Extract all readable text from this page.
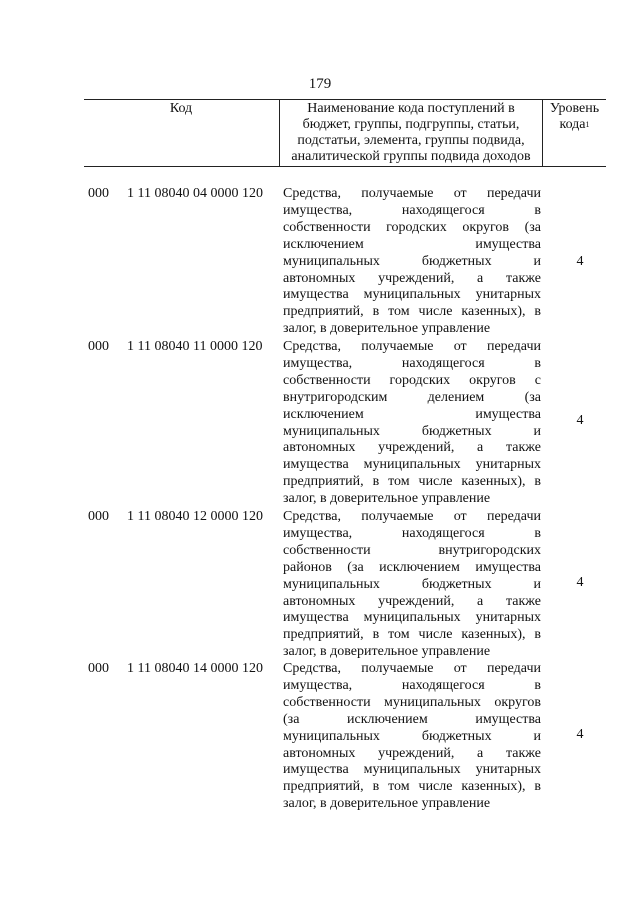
179
Код	Наименование кода поступлений в
бюджет, группы, подгруппы, статьи,
подстатьи, элемента, группы подвида,
аналитической группы подвида доходов
Уровень
кода$^1$
000	1 11 08040 04 0000 120	Средства, получаемые от передачи
имущества, находящегося в
собственности городских округов (за
исключением имущества
муниципальных бюджетных и
автономных учреждений, а также
имущества муниципальных унитарных
предприятий, в том числе казенных), в
залог, в доверительное управление
4
000	1 11 08040 11 0000 120	Средства, получаемые от передачи
имущества, находящегося в
собственности городских округов с
внутригородским делением (за
исключением имущества
муниципальных бюджетных и
автономных учреждений, а также
имущества муниципальных унитарных
предприятий, в том числе казенных), в
залог, в доверительное управление
4
000	1 11 08040 12 0000 120	Средства, получаемые от передачи
имущества, находящегося в
собственности внутригородских
районов (за исключением имущества
муниципальных бюджетных и
автономных учреждений, а также
имущества муниципальных унитарных
предприятий, в том числе казенных), в
залог, в доверительное управление
4
000	1 11 08040 14 0000 120	Средства, получаемые от передачи
имущества, находящегося в
собственности муниципальных округов
(за исключением имущества
муниципальных бюджетных и
автономных учреждений, а также
имущества муниципальных унитарных
предприятий, в том числе казенных), в
залог, в доверительное управление
4
